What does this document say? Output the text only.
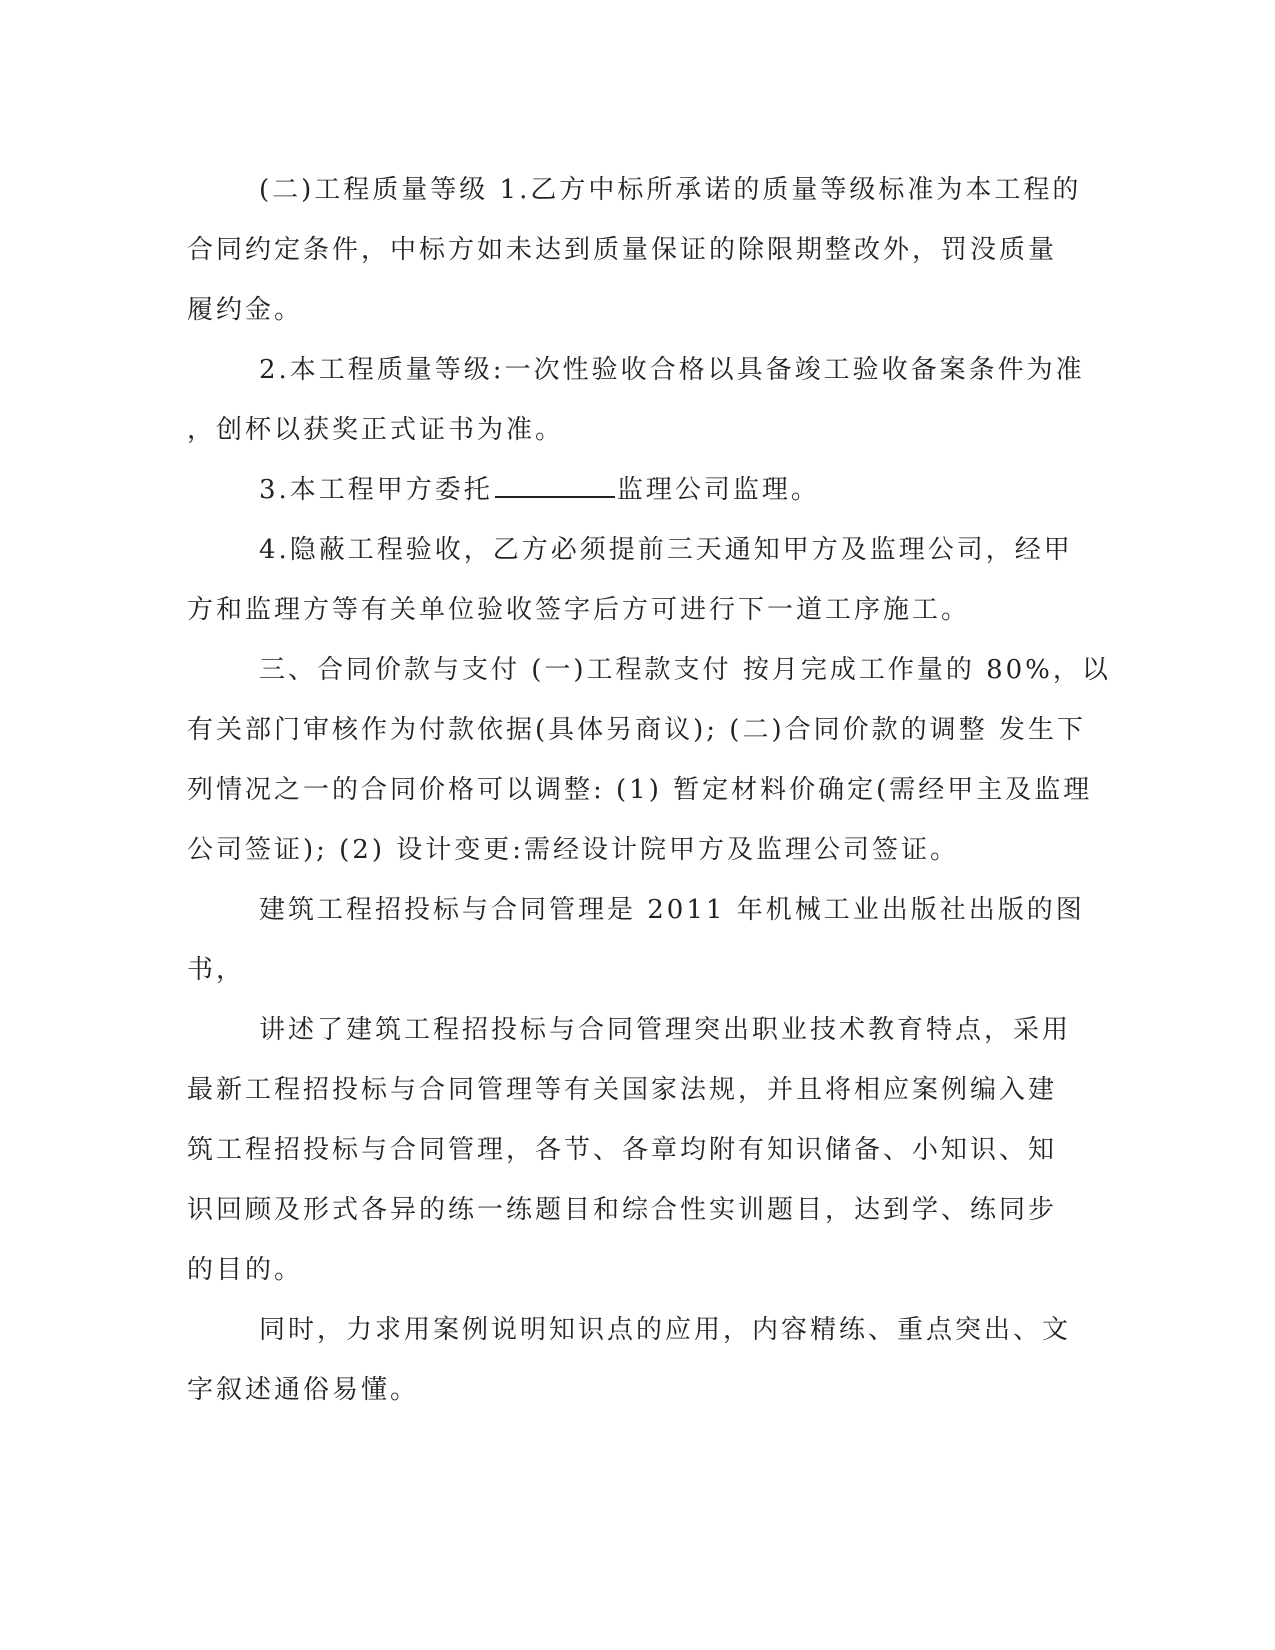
(二)工程质量等级 1.乙方中标所承诺的质量等级标准为本工程的
合同约定条件，中标方如未达到质量保证的除限期整改外，罚没质量
履约金。

2.本工程质量等级:一次性验收合格以具备竣工验收备案条件为准
，创杯以获奖正式证书为准。

3.本工程甲方委托	监理公司监理。

4.隐蔽工程验收，乙方必须提前三天通知甲方及监理公司，经甲
方和监理方等有关单位验收签字后方可进行下一道工序施工。

三、合同价款与支付 (一)工程款支付 按月完成工作量的 80%，以
有关部门审核作为付款依据(具体另商议); (二)合同价款的调整 发生下
列情况之一的合同价格可以调整: (1) 暂定材料价确定(需经甲主及监理
公司签证); (2) 设计变更:需经设计院甲方及监理公司签证。

建筑工程招投标与合同管理是 2011 年机械工业出版社出版的图
书，

讲述了建筑工程招投标与合同管理突出职业技术教育特点，采用
最新工程招投标与合同管理等有关国家法规，并且将相应案例编入建
筑工程招投标与合同管理，各节、各章均附有知识储备、小知识、知
识回顾及形式各异的练一练题目和综合性实训题目，达到学、练同步
的目的。

同时，力求用案例说明知识点的应用，内容精练、重点突出、文
字叙述通俗易懂。
